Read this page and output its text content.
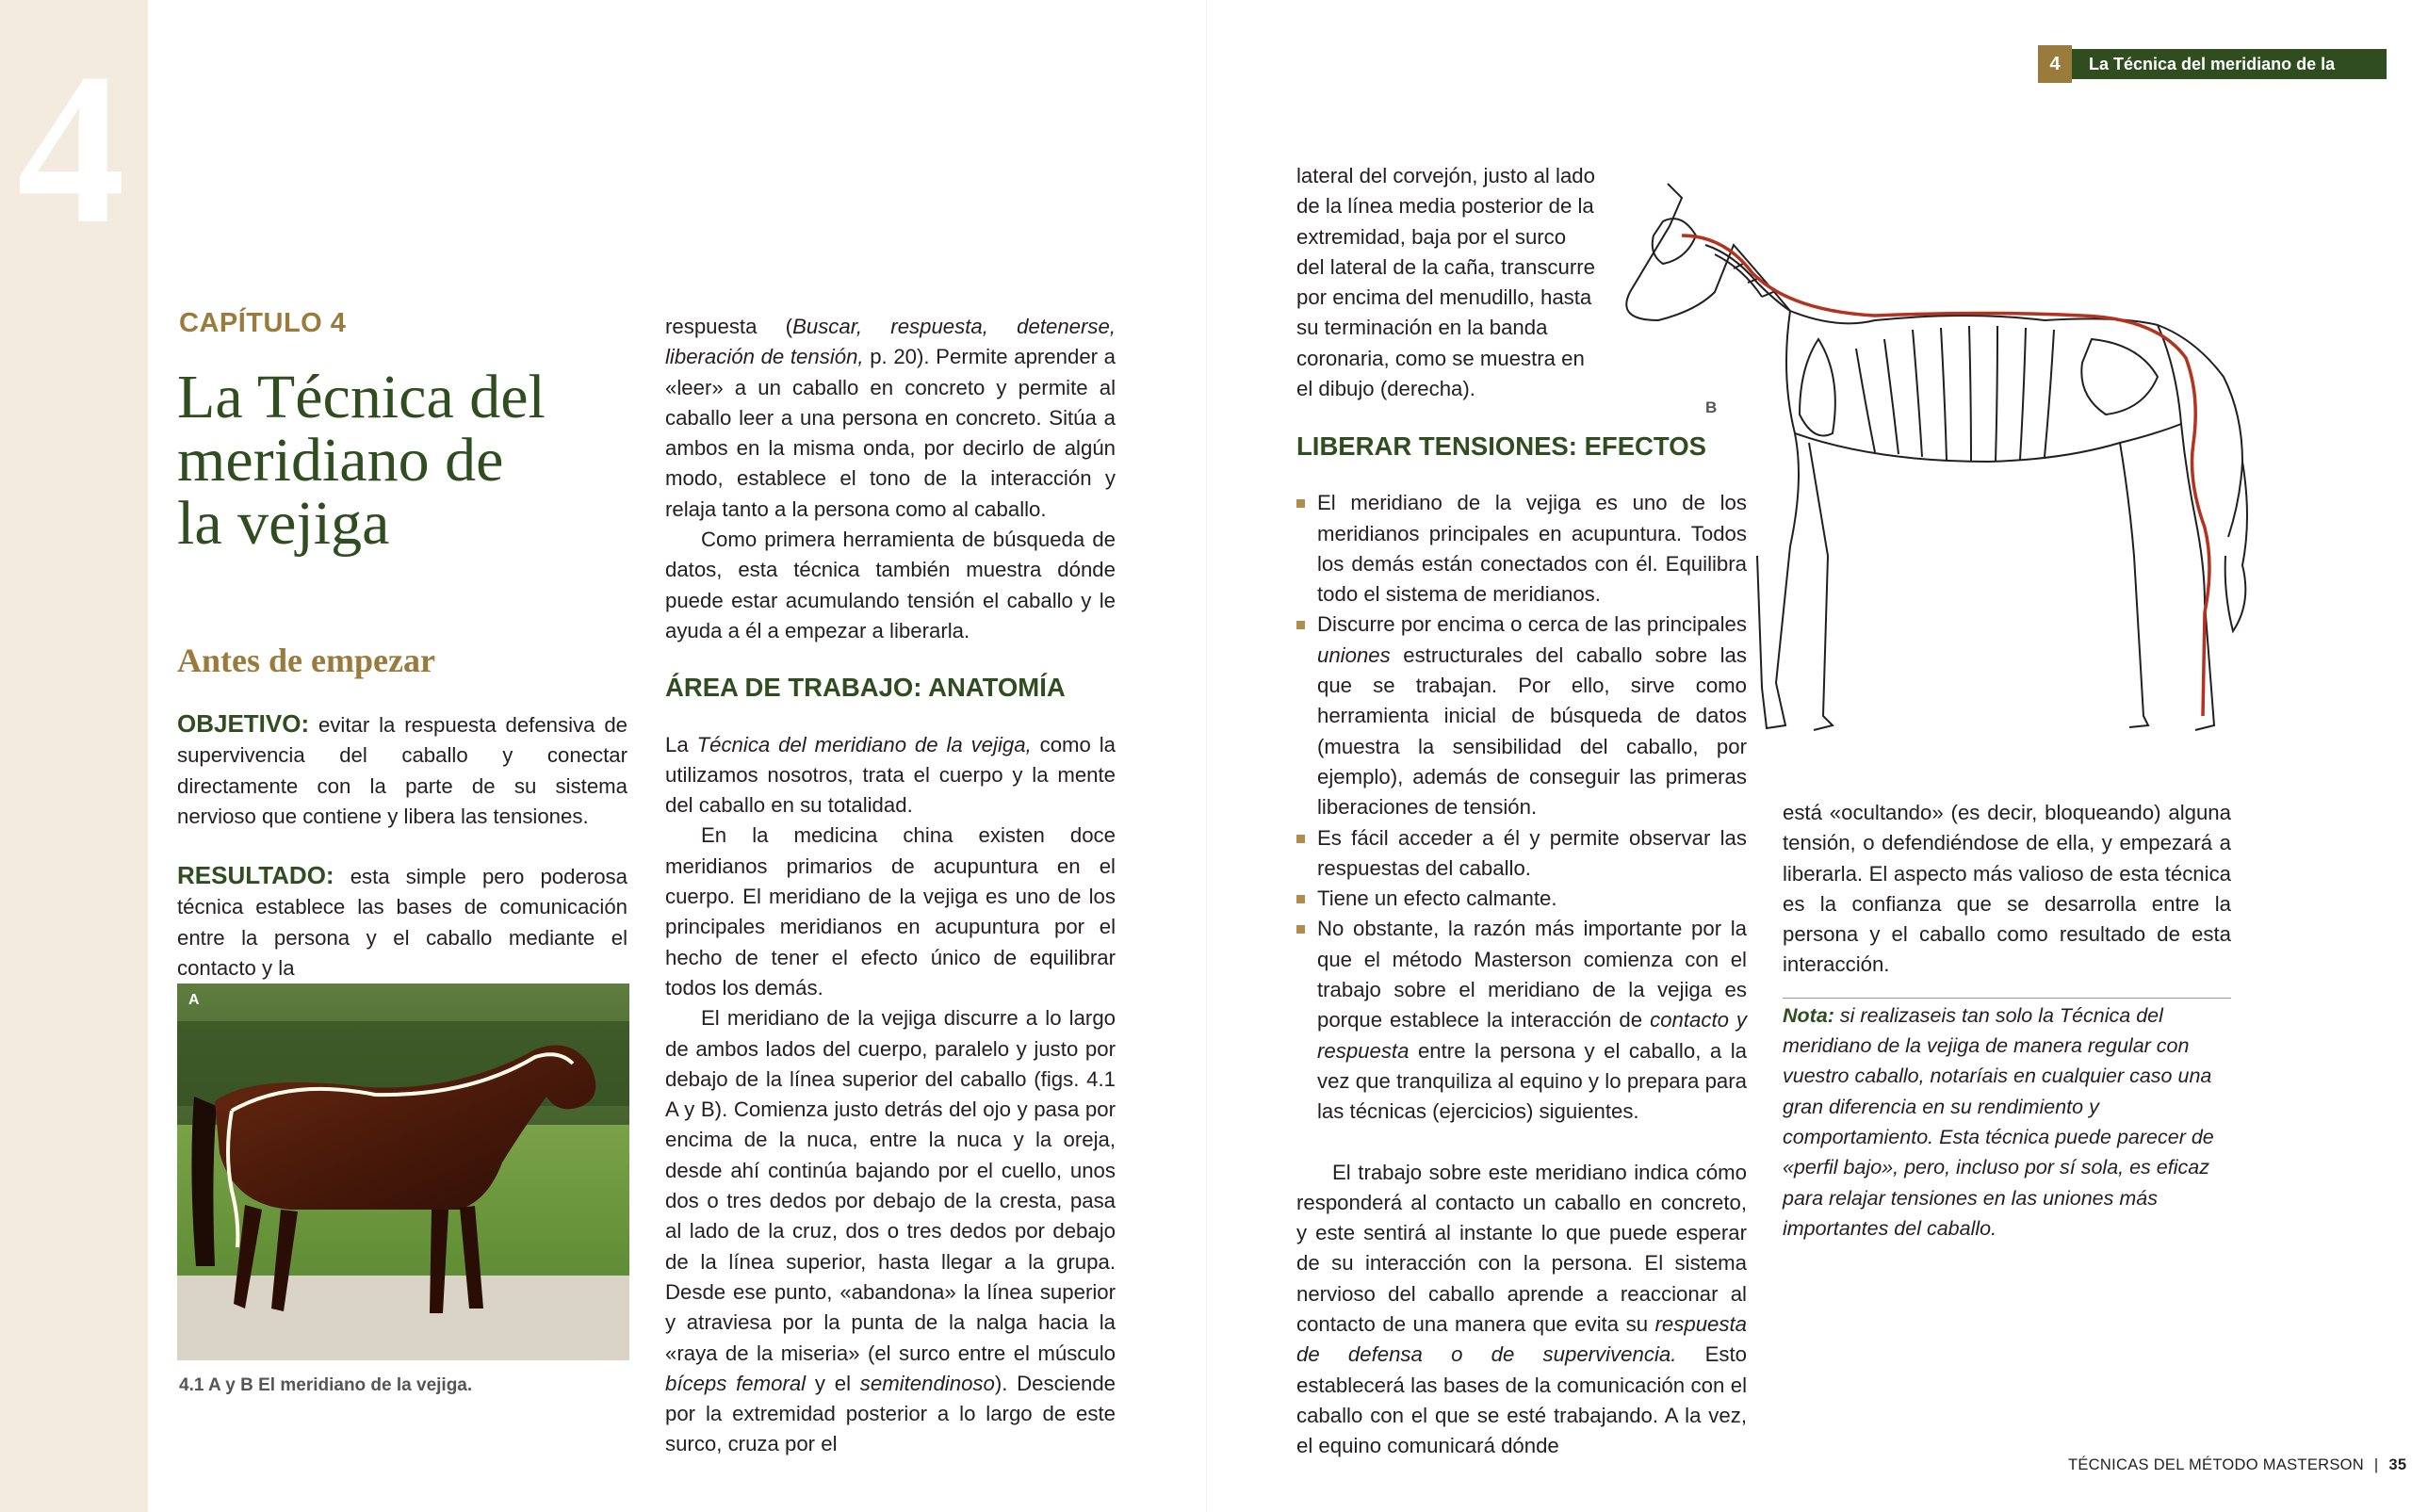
4
CAPÍTULO 4
La Técnica del
meridiano de
la vejiga
Antes de empezar
OBJETIVO: evitar la respuesta defensiva de supervivencia del caballo y conectar directamente con la parte de su sistema nervioso que contiene y libera las tensiones.
RESULTADO: esta simple pero poderosa técnica establece las bases de comunicación entre la persona y el caballo mediante el contacto y la
A
4.1 A y B El meridiano de la vejiga.

respuesta (Buscar, respuesta, detenerse, liberación de tensión, p. 20). Permite aprender a «leer» a un caballo en concreto y permite al caballo leer a una persona en concreto. Sitúa a ambos en la misma onda, por decirlo de algún modo, establece el tono de la interacción y relaja tanto a la persona como al caballo.

Como primera herramienta de búsqueda de datos, esta técnica también muestra dónde puede estar acumulando tensión el caballo y le ayuda a él a empezar a liberarla.

ÁREA DE TRABAJO: ANATOMÍA

La Técnica del meridiano de la vejiga, como la utilizamos nosotros, trata el cuerpo y la mente del caballo en su totalidad.

En la medicina china existen doce meridianos primarios de acupuntura en el cuerpo. El meridiano de la vejiga es uno de los principales meridianos en acupuntura por el hecho de tener el efecto único de equilibrar todos los demás.

El meridiano de la vejiga discurre a lo largo de ambos lados del cuerpo, paralelo y justo por debajo de la línea superior del caballo (figs. 4.1 A y B). Comienza justo detrás del ojo y pasa por encima de la nuca, entre la nuca y la oreja, desde ahí continúa bajando por el cuello, unos dos o tres dedos por debajo de la cresta, pasa al lado de la cruz, dos o tres dedos por debajo de la línea superior, hasta llegar a la grupa. Desde ese punto, «abandona» la línea superior y atraviesa por la punta de la nalga hacia la «raya de la miseria» (el surco entre el músculo bíceps femoral y el semitendinoso). Desciende por la extremidad posterior a lo largo de este surco, cruza por el

4	La Técnica del meridiano de la vejiga
lateral del corvejón, justo al lado de la línea media posterior de la extremidad, baja por el surco del lateral de la caña, transcurre por encima del menudillo, hasta su terminación en la banda coronaria, como se muestra en el dibujo (derecha).
LIBERAR TENSIONES: EFECTOS
El meridiano de la vejiga es uno de los meridianos principales en acupuntura. Todos los demás están conectados con él. Equilibra todo el sistema de meridianos.
Discurre por encima o cerca de las principales uniones estructurales del caballo sobre las que se trabajan. Por ello, sirve como herramienta inicial de búsqueda de datos (muestra la sensibilidad del caballo, por ejemplo), además de conseguir las primeras liberaciones de tensión.
Es fácil acceder a él y permite observar las respuestas del caballo.
Tiene un efecto calmante.
No obstante, la razón más importante por la que el método Masterson comienza con el trabajo sobre el meridiano de la vejiga es porque establece la interacción de contacto y respuesta entre la persona y el caballo, a la vez que tranquiliza al equino y lo prepara para las técnicas (ejercicios) siguientes.

El trabajo sobre este meridiano indica cómo responderá al contacto un caballo en concreto, y este sentirá al instante lo que puede esperar de su interacción con la persona. El sistema nervioso del caballo aprende a reaccionar al contacto de una manera que evita su respuesta de defensa o de supervivencia. Esto establecerá las bases de la comunicación con el caballo con el que se esté trabajando. A la vez, el equino comunicará dónde

B

está «ocultando» (es decir, bloqueando) alguna tensión, o defendiéndose de ella, y empezará a liberarla. El aspecto más valioso de esta técnica es la confianza que se desarrolla entre la persona y el caballo como resultado de esta interacción.

Nota: si realizaseis tan solo la Técnica del meridiano de la vejiga de manera regular con vuestro caballo, notaríais en cualquier caso una gran diferencia en su rendimiento y comportamiento. Esta técnica puede parecer de «perfil bajo», pero, incluso por sí sola, es eficaz para relajar tensiones en las uniones más importantes del caballo.

TÉCNICAS DEL MÉTODO MASTERSON | 35
